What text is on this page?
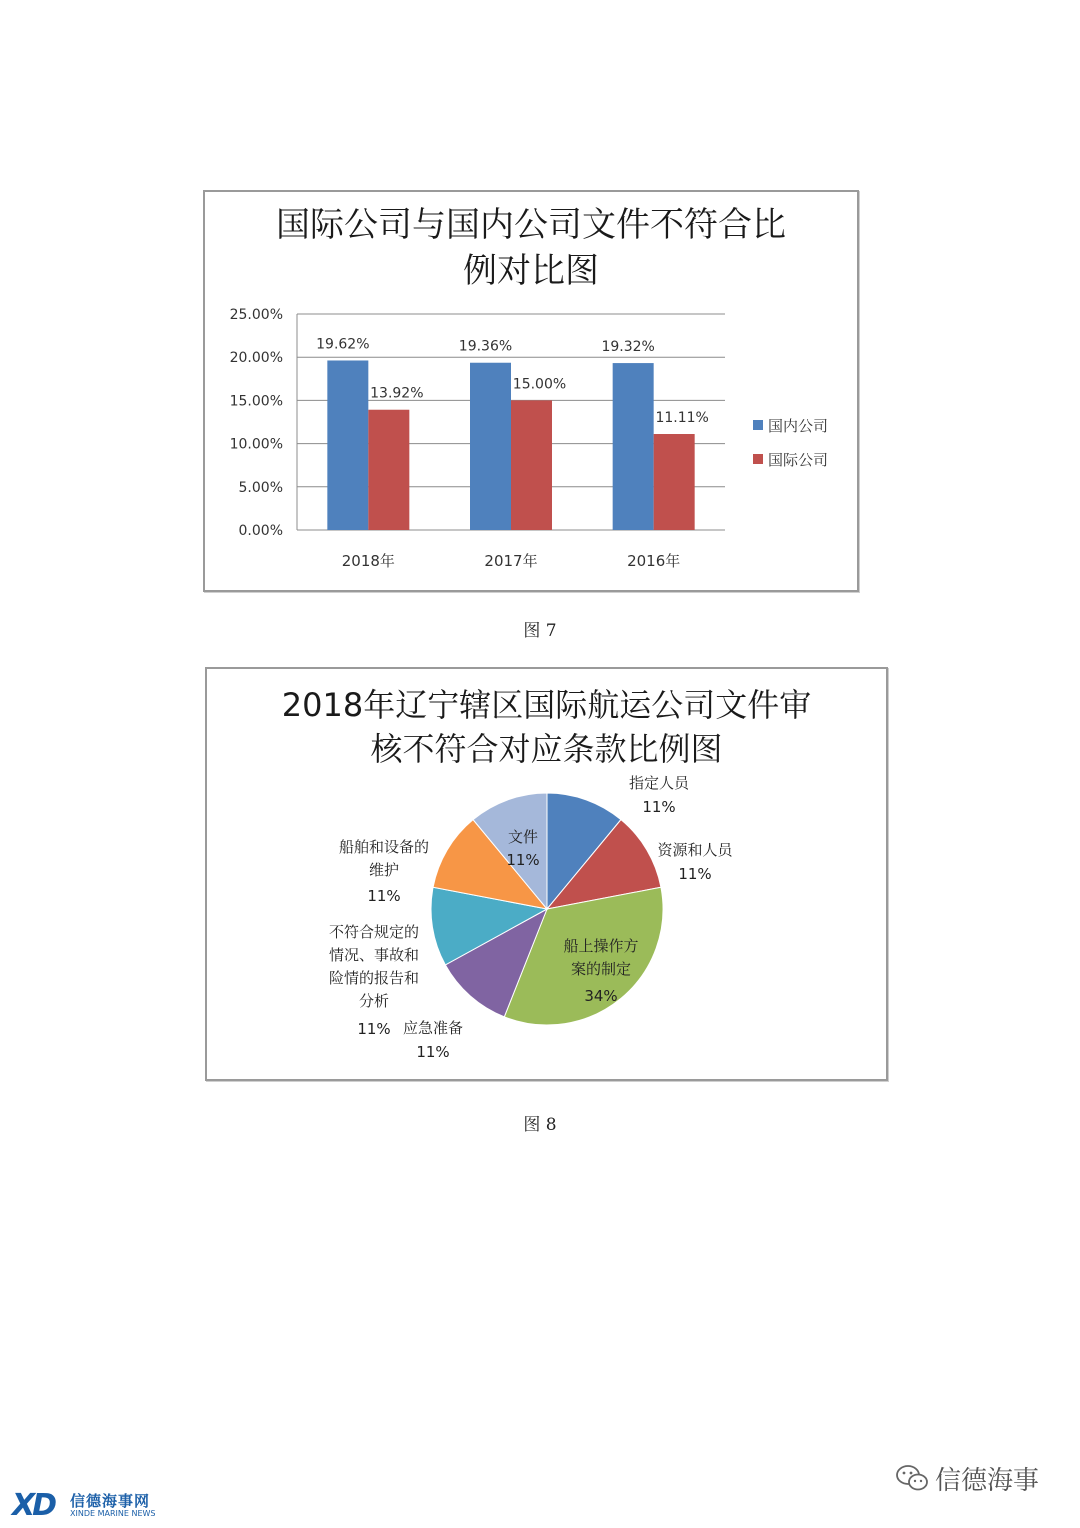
国际公司与国内公司文件不符合比例对比图
0.00%
5.00%
10.00%
15.00%
20.00%
25.00%
19.62%
13.92%
2018年
19.36%
15.00%
2017年
19.32%
11.11%
2016年
国内公司
国际公司
图 7
2018年辽宁辖区国际航运公司文件审核不符合对应条款比例图
指定人员
11%
资源和人员
11%
船上操作方案的制定
34%
应急准备
11%
不符合规定的情况、事故和险情的报告和分析
11%
船舶和设备的维护
11%
文件
11%
图 8
XD 信德海事网
XINDE MARINE NEWS
信德海事
